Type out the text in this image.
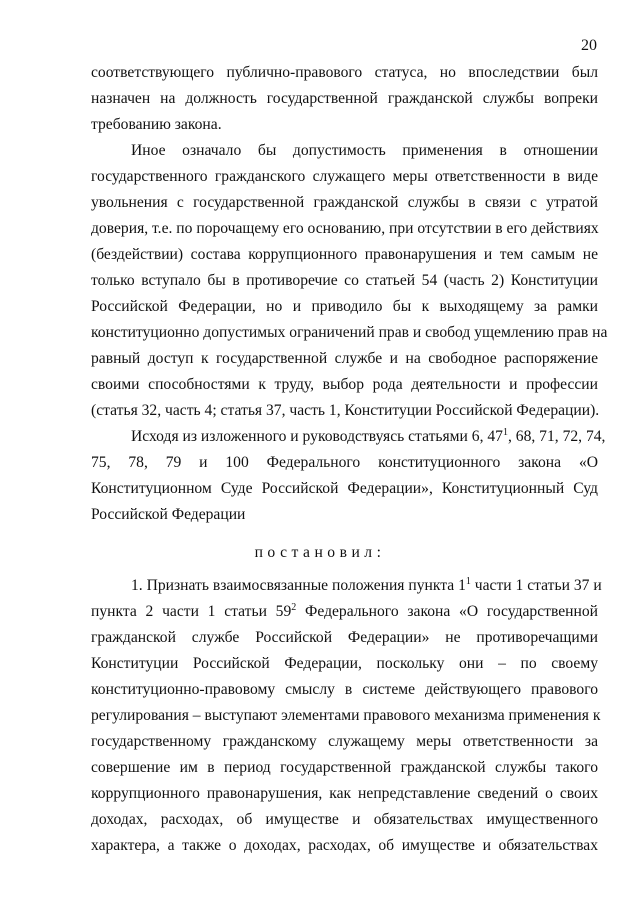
20
соответствующего публично-правового статуса, но впоследствии был
назначен на должность государственной гражданской службы вопреки
требованию закона.
Иное означало бы допустимость применения в отношении
государственного гражданского служащего меры ответственности в виде
увольнения с государственной гражданской службы в связи с утратой
доверия, т.е. по порочащему его основанию, при отсутствии в его действиях
(бездействии) состава коррупционного правонарушения и тем самым не
только вступало бы в противоречие со статьей 54 (часть 2) Конституции
Российской Федерации, но и приводило бы к выходящему за рамки
конституционно допустимых ограничений прав и свобод ущемлению прав на
равный доступ к государственной службе и на свободное распоряжение
своими способностями к труду, выбор рода деятельности и профессии
(статья 32, часть 4; статья 37, часть 1, Конституции Российской Федерации).
Исходя из изложенного и руководствуясь статьями 6, $47^1$, 68, 71, 72, 74,
75, 78, 79 и 100 Федерального конституционного закона «О
Конституционном Суде Российской Федерации», Конституционный Суд
Российской Федерации
постановил:
1. Признать взаимосвязанные положения пункта $1^1$ части 1 статьи 37 и
пункта 2 части 1 статьи $59^2$ Федерального закона «О государственной
гражданской службе Российской Федерации» не противоречащими
Конституции Российской Федерации, поскольку они – по своему
конституционно-правовому смыслу в системе действующего правового
регулирования – выступают элементами правового механизма применения к
государственному гражданскому служащему меры ответственности за
совершение им в период государственной гражданской службы такого
коррупционного правонарушения, как непредставление сведений о своих
доходах, расходах, об имуществе и обязательствах имущественного
характера, а также о доходах, расходах, об имуществе и обязательствах
